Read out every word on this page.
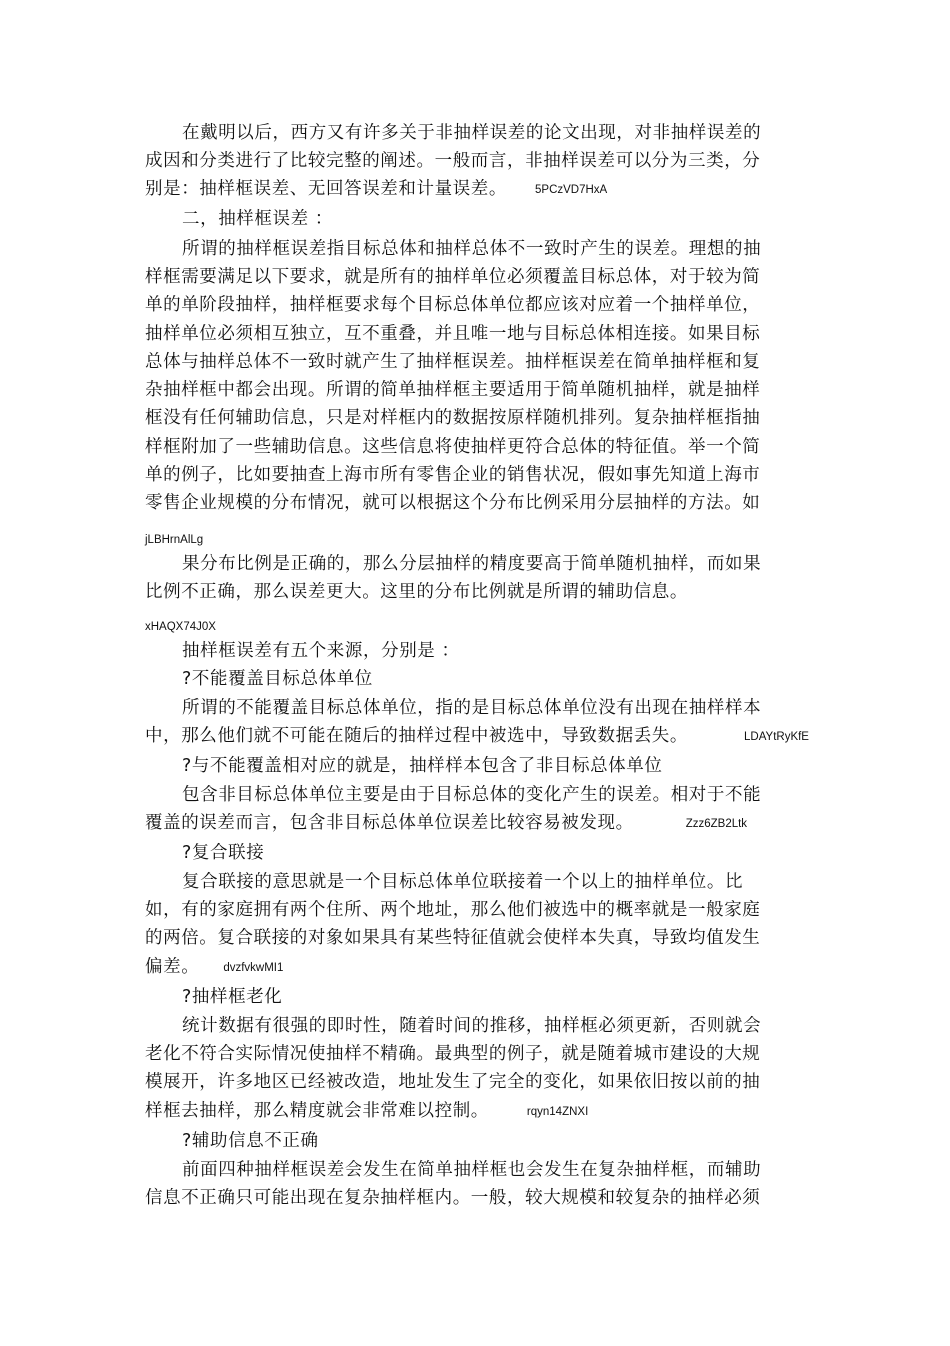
在戴明以后，西方又有许多关于非抽样误差的论文出现，对非抽样误差的
成因和分类进行了比较完整的阐述。一般而言，非抽样误差可以分为三类，分
别是：抽样框误差、无回答误差和计量误差。 5PCzVD7HxA
二，抽样框误差 ：
所谓的抽样框误差指目标总体和抽样总体不一致时产生的误差。理想的抽
样框需要满足以下要求，就是所有的抽样单位必须覆盖目标总体，对于较为简
单的单阶段抽样，抽样框要求每个目标总体单位都应该对应着一个抽样单位，
抽样单位必须相互独立，互不重叠，并且唯一地与目标总体相连接。如果目标
总体与抽样总体不一致时就产生了抽样框误差。抽样框误差在简单抽样框和复
杂抽样框中都会出现。所谓的简单抽样框主要适用于简单随机抽样，就是抽样
框没有任何辅助信息，只是对样框内的数据按原样随机排列。复杂抽样框指抽
样框附加了一些辅助信息。这些信息将使抽样更符合总体的特征值。举一个简
单的例子，比如要抽查上海市所有零售企业的销售状况，假如事先知道上海市
零售企业规模的分布情况，就可以根据这个分布比例采用分层抽样的方法。如
jLBHrnAlLg
果分布比例是正确的，那么分层抽样的精度要高于简单随机抽样，而如果
比例不正确，那么误差更大。这里的分布比例就是所谓的辅助信息。
xHAQX74J0X
抽样框误差有五个来源，分别是 ：
?不能覆盖目标总体单位
所谓的不能覆盖目标总体单位，指的是目标总体单位没有出现在抽样样本
中，那么他们就不可能在随后的抽样过程中被选中，导致数据丢失。	LDAYtRyKfE
?与不能覆盖相对应的就是，抽样样本包含了非目标总体单位
包含非目标总体单位主要是由于目标总体的变化产生的误差。相对于不能
覆盖的误差而言，包含非目标总体单位误差比较容易被发现。	Zzz6ZB2Ltk
?复合联接
复合联接的意思就是一个目标总体单位联接着一个以上的抽样单位。比
如，有的家庭拥有两个住所、两个地址，那么他们被选中的概率就是一般家庭
的两倍。复合联接的对象如果具有某些特征值就会使样本失真，导致均值发生
偏差。 dvzfvkwMI1
?抽样框老化
统计数据有很强的即时性，随着时间的推移，抽样框必须更新，否则就会
老化不符合实际情况使抽样不精确。最典型的例子，就是随着城市建设的大规
模展开，许多地区已经被改造，地址发生了完全的变化，如果依旧按以前的抽
样框去抽样，那么精度就会非常难以控制。	rqyn14ZNXI
?辅助信息不正确
前面四种抽样框误差会发生在简单抽样框也会发生在复杂抽样框，而辅助
信息不正确只可能出现在复杂抽样框内。一般，较大规模和较复杂的抽样必须
